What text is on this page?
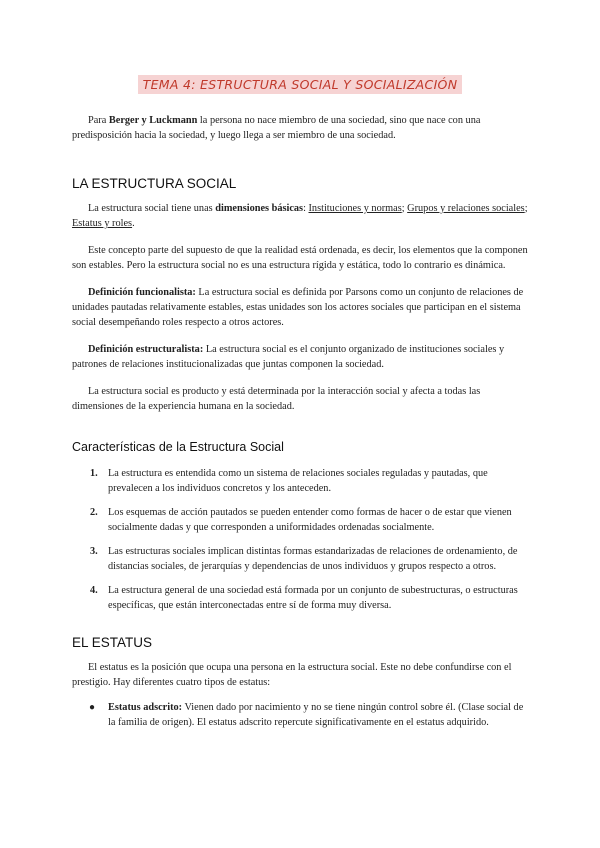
TEMA 4: ESTRUCTURA SOCIAL Y SOCIALIZACIÓN

Para Berger y Luckmann la persona no nace miembro de una sociedad, sino que nace con una predisposición hacia la sociedad, y luego llega a ser miembro de una sociedad.

LA ESTRUCTURA SOCIAL

La estructura social tiene unas dimensiones básicas: Instituciones y normas; Grupos y relaciones sociales; Estatus y roles.

Este concepto parte del supuesto de que la realidad está ordenada, es decir, los elementos que la componen son estables. Pero la estructura social no es una estructura rígida y estática, todo lo contrario es dinámica.

Definición funcionalista: La estructura social es definida por Parsons como un conjunto de relaciones de unidades pautadas relativamente estables, estas unidades son los actores sociales que participan en el sistema social desempeñando roles respecto a otros actores.

Definición estructuralista: La estructura social es el conjunto organizado de instituciones sociales y patrones de relaciones institucionalizadas que juntas componen la sociedad.

La estructura social es producto y está determinada por la interacción social y afecta a todas las dimensiones de la experiencia humana en la sociedad.

Características de la Estructura Social
1. La estructura es entendida como un sistema de relaciones sociales reguladas y pautadas, que prevalecen a los individuos concretos y los anteceden.
2. Los esquemas de acción pautados se pueden entender como formas de hacer o de estar que vienen socialmente dadas y que corresponden a uniformidades ordenadas socialmente.
3. Las estructuras sociales implican distintas formas estandarizadas de relaciones de ordenamiento, de distancias sociales, de jerarquías y dependencias de unos individuos y grupos respecto a otros.
4. La estructura general de una sociedad está formada por un conjunto de subestructuras, o estructuras específicas, que están interconectadas entre sí de forma muy diversa.
EL ESTATUS

El estatus es la posición que ocupa una persona en la estructura social. Este no debe confundirse con el prestigio. Hay diferentes cuatro tipos de estatus:

● Estatus adscrito: Vienen dado por nacimiento y no se tiene ningún control sobre él. (Clase social de la familia de origen). El estatus adscrito repercute significativamente en el estatus adquirido.
